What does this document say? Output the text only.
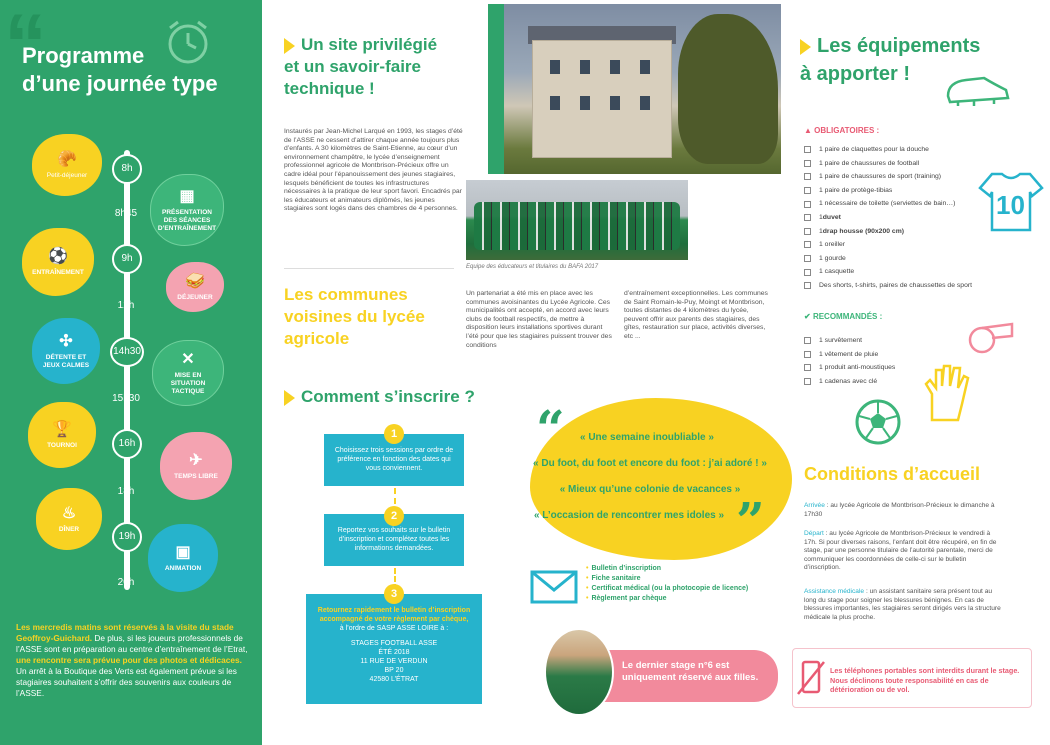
“
Programme
d’une journée type
8h
8h45
9h
12h
14h30
15h30
16h
18h
19h
20h
🥐
Petit-déjeuner
▦
PRÉSENTATION DES SÉANCES D’ENTRAÎNEMENT
⚽
ENTRAÎNEMENT
🥪
DÉJEUNER
✣
DÉTENTE ET JEUX CALMES	✕
MISE EN SITUATION TACTIQUE
🏆
TOURNOI
✈
TEMPS LIBRE
♨
DÎNER
▣
ANIMATION
Les mercredis matins sont réservés à la visite du stade Geoffroy-Guichard. De plus, si les joueurs professionnels de l’ASSE sont en préparation au centre d’entraînement de l’Etrat, une rencontre sera prévue pour des photos et dédicaces. Un arrêt à la Boutique des Verts est également prévue si les stagiaires souhaitent s’offrir des souvenirs aux couleurs de l’ASSE.
Un site privilégié
et un savoir-faire
technique !
Instaurés par Jean-Michel Larqué en 1993, les stages d’été de l’ASSE ne cessent d’attirer chaque année toujours plus d’enfants. A 30 kilomètres de Saint-Etienne, au cœur d’un environnement champêtre, le lycée d’enseignement professionnel agricole de Montbrison-Précieux offre un cadre idéal pour l’épanouissement des jeunes stagiaires, lesquels bénéficient de toutes les infrastructures nécessaires à la pratique de leur sport favori. Encadrés par les éducateurs et animateurs diplômés, les jeunes stagiaires sont logés dans des chambres de 4 personnes.
Equipe des éducateurs et titulaires du BAFA 2017
Les communes
voisines du lycée
agricole
Un partenariat a été mis en place avec les communes avoisinantes du Lycée Agricole. Ces municipalités ont accepté, en accord avec leurs clubs de football respectifs, de mettre à disposition leurs installations sportives durant l’été pour que les stagiaires puissent trouver des conditions
d’entraînement exceptionnelles. Les communes de Saint Romain-le-Puy, Moingt et Montbrison, toutes distantes de 4 kilomètres du lycée, peuvent offrir aux parents des stagiaires, des gîtes, restauration sur place, activités diverses, etc ...
Comment s’inscrire ?
Choisissez trois sessions par ordre de préférence en fonction des dates qui vous conviennent.
1
Reportez vos souhaits sur le bulletin d’inscription et complétez toutes les informations demandées.
2
Retournez rapidement le bulletin d’inscription accompagné de votre règlement par chèque,
à l’ordre de SASP ASSE LOIRE à :
STAGES FOOTBALL ASSE
ÉTÉ 2018
11 RUE DE VERDUN
BP 20
42580 L’ÉTRAT
3
“
”
« Une semaine inoubliable »
« Du foot, du foot et encore du foot : j’ai adoré ! »
« Mieux qu’une colonie de vacances »
« L’occasion de rencontrer mes idoles »
• Bulletin d’inscription
• Fiche sanitaire
• Certificat médical (ou la photocopie de licence)
• Règlement par chèque
Le dernier stage n°6 est uniquement réservé aux filles.
Les équipements
à apporter !
▲ OBLIGATOIRES :
1 paire de claquettes pour la douche
1 paire de chaussures de football
1 paire de chaussures de sport (training)
1 paire de protège-tibias
1 nécessaire de toilette (serviettes de bain…)
1 duvet
1 drap housse (90x200 cm)
1 oreiller
1 gourde
1 casquette
Des shorts, t-shirts, paires de chaussettes de sport
10
✔ RECOMMANDÉS :
1 survêtement
1 vêtement de pluie
1 produit anti-moustiques
1 cadenas avec clé
Conditions d’accueil
Arrivée : au lycée Agricole de Montbrison-Précieux le dimanche à 17h30
Départ : au lycée Agricole de Montbrison-Précieux le vendredi à 17h. Si pour diverses raisons, l’enfant doit être récupéré, en fin de stage, par une personne titulaire de l’autorité parentale, merci de communiquer les coordonnées de celle-ci sur le bulletin d’inscription.
Assistance médicale : un assistant sanitaire sera présent tout au long du stage pour soigner les blessures bénignes. En cas de blessures importantes, les stagiaires seront dirigés vers la structure médicale la plus proche.
Les téléphones portables sont interdits durant le stage. Nous déclinons toute responsabilité en cas de détérioration ou de vol.
